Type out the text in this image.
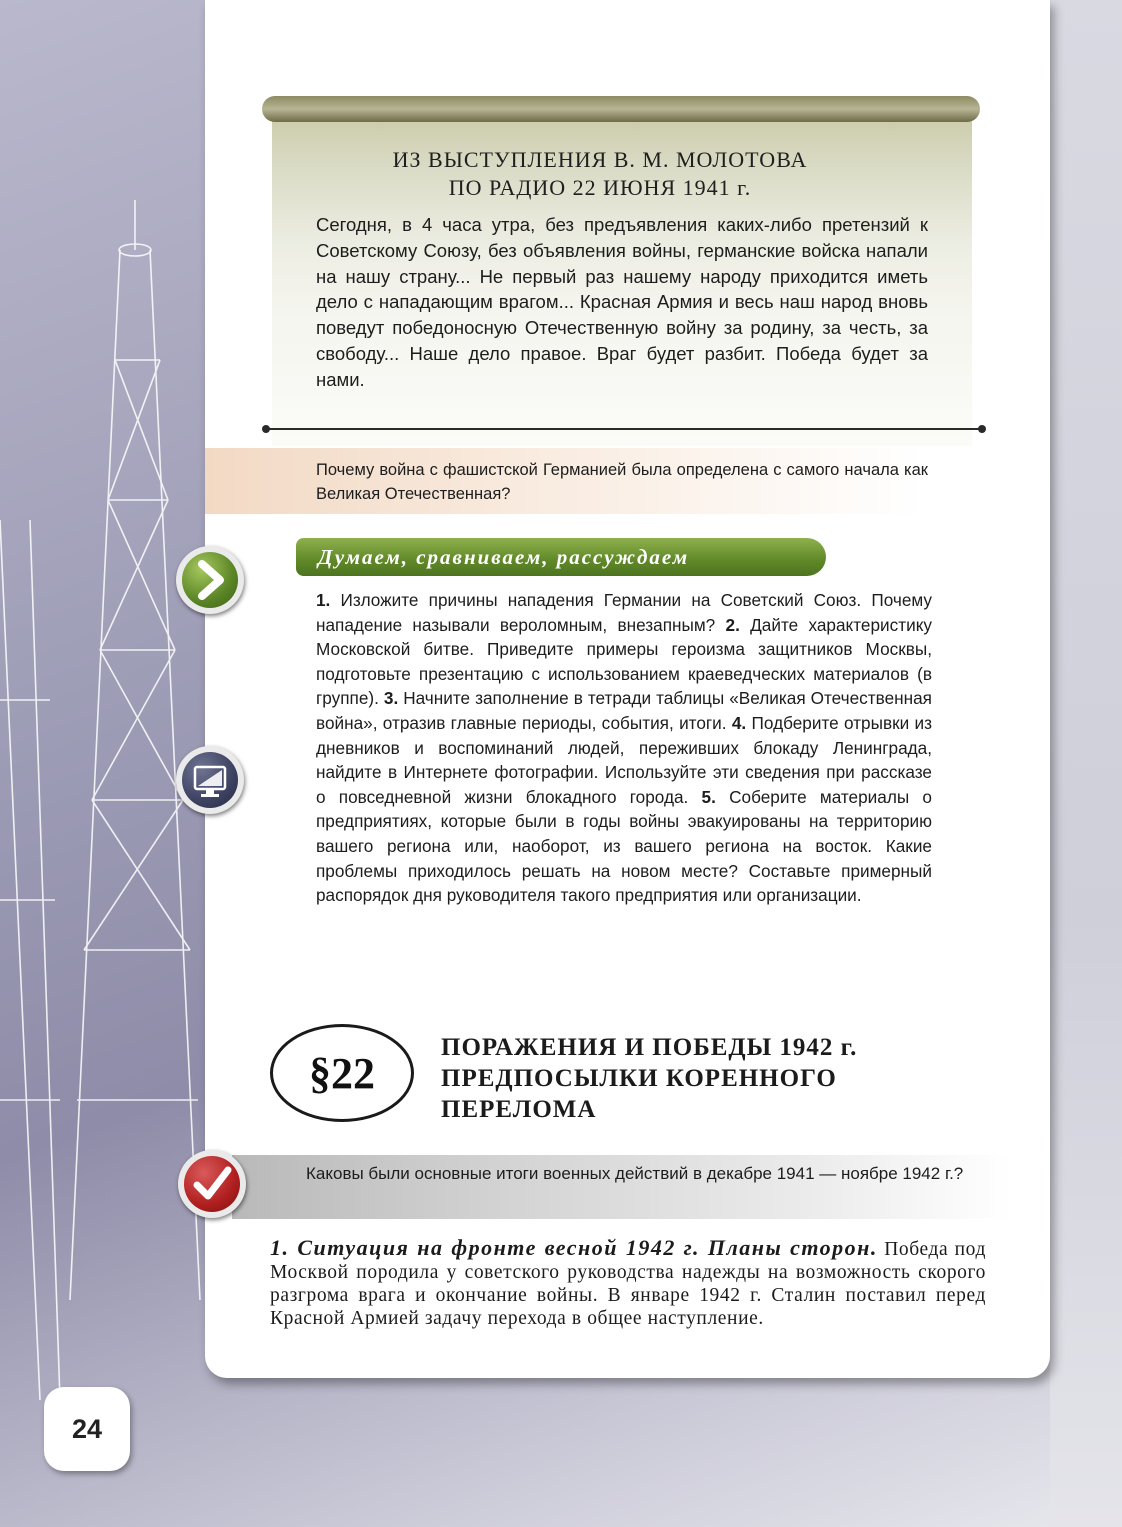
24
ИЗ ВЫСТУПЛЕНИЯ В. М. МОЛОТОВА
ПО РАДИО 22 ИЮНЯ 1941 г.
Сегодня, в 4 часа утра, без предъявления каких-либо претензий к Советскому Союзу, без объявления войны, германские войска напали на нашу страну... Не первый раз нашему народу приходится иметь дело с нападающим врагом... Красная Армия и весь наш народ вновь поведут победоносную Отечественную войну за родину, за честь, за свободу... Наше дело правое. Враг будет разбит. Победа будет за нами.
Почему война с фашистской Германией была определена с самого начала как Великая Отечественная?
Думаем, сравниваем, рассуждаем
1. Изложите причины нападения Германии на Советский Союз. Почему нападение называли вероломным, внезапным? 2. Дайте характеристику Московской битве. Приведите примеры героизма защитников Москвы, подготовьте презентацию с использованием краеведческих материалов (в группе). 3. Начните заполнение в тетради таблицы «Великая Отечественная война», отразив главные периоды, события, итоги. 4. Подберите отрывки из дневников и воспоминаний людей, переживших блокаду Ленинграда, найдите в Интернете фотографии. Используйте эти сведения при рассказе о повседневной жизни блокадного города. 5. Соберите материалы о предприятиях, которые были в годы войны эвакуированы на территорию вашего региона или, наоборот, из вашего региона на восток. Какие проблемы приходилось решать на новом месте? Составьте примерный распорядок дня руководителя такого предприятия или организации.
§22
ПОРАЖЕНИЯ И ПОБЕДЫ 1942 г.
ПРЕДПОСЫЛКИ КОРЕННОГО
ПЕРЕЛОМА
Каковы были основные итоги военных действий в декабре 1941 — ноябре 1942 г.?
1. Ситуация на фронте весной 1942 г. Планы сторон. Победа под Москвой породила у советского руководства надежды на возможность скорого разгрома врага и окончание войны. В январе 1942 г. Сталин поставил перед Красной Армией задачу перехода в общее наступление.
